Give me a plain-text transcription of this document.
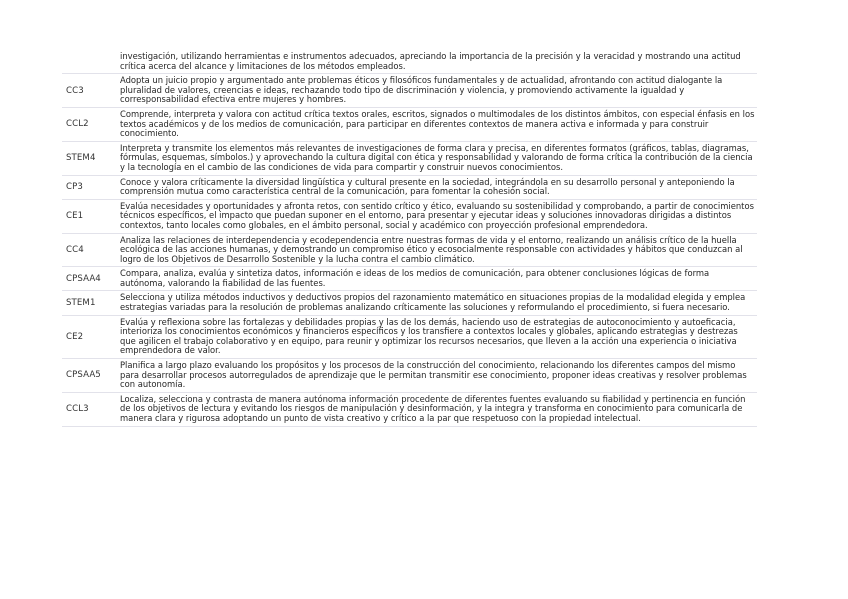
	investigación, utilizando herramientas e instrumentos adecuados, apreciando la importancia de la precisión y la veracidad y mostrando una actitud crítica acerca del alcance y limitaciones de los métodos empleados.
CC3	Adopta un juicio propio y argumentado ante problemas éticos y filosóficos fundamentales y de actualidad, afrontando con actitud dialogante la pluralidad de valores, creencias e ideas, rechazando todo tipo de discriminación y violencia, y promoviendo activamente la igualdad y corresponsabilidad efectiva entre mujeres y hombres.
CCL2	Comprende, interpreta y valora con actitud crítica textos orales, escritos, signados o multimodales de los distintos ámbitos, con especial énfasis en los textos académicos y de los medios de comunicación, para participar en diferentes contextos de manera activa e informada y para construir conocimiento.
STEM4	Interpreta y transmite los elementos más relevantes de investigaciones de forma clara y precisa, en diferentes formatos (gráficos, tablas, diagramas, fórmulas, esquemas, símbolos.) y aprovechando la cultura digital con ética y responsabilidad y valorando de forma crítica la contribución de la ciencia y la tecnología en el cambio de las condiciones de vida para compartir y construir nuevos conocimientos.
CP3	Conoce y valora críticamente la diversidad lingüística y cultural presente en la sociedad, integrándola en su desarrollo personal y anteponiendo la comprensión mutua como característica central de la comunicación, para fomentar la cohesión social.
CE1	Evalúa necesidades y oportunidades y afronta retos, con sentido crítico y ético, evaluando su sostenibilidad y comprobando, a partir de conocimientos técnicos específicos, el impacto que puedan suponer en el entorno, para presentar y ejecutar ideas y soluciones innovadoras dirigidas a distintos contextos, tanto locales como globales, en el ámbito personal, social y académico con proyección profesional emprendedora.
CC4	Analiza las relaciones de interdependencia y ecodependencia entre nuestras formas de vida y el entorno, realizando un análisis crítico de la huella ecológica de las acciones humanas, y demostrando un compromiso ético y ecosocialmente responsable con actividades y hábitos que conduzcan al logro de los Objetivos de Desarrollo Sostenible y la lucha contra el cambio climático.
CPSAA4	Compara, analiza, evalúa y sintetiza datos, información e ideas de los medios de comunicación, para obtener conclusiones lógicas de forma autónoma, valorando la fiabilidad de las fuentes.
STEM1	Selecciona y utiliza métodos inductivos y deductivos propios del razonamiento matemático en situaciones propias de la modalidad elegida y emplea estrategias variadas para la resolución de problemas analizando críticamente las soluciones y reformulando el procedimiento, si fuera necesario.
CE2	Evalúa y reflexiona sobre las fortalezas y debilidades propias y las de los demás, haciendo uso de estrategias de autoconocimiento y autoeficacia, interioriza los conocimientos económicos y financieros específicos y los transfiere a contextos locales y globales, aplicando estrategias y destrezas que agilicen el trabajo colaborativo y en equipo, para reunir y optimizar los recursos necesarios, que lleven a la acción una experiencia o iniciativa emprendedora de valor.
CPSAA5	Planifica a largo plazo evaluando los propósitos y los procesos de la construcción del conocimiento, relacionando los diferentes campos del mismo para desarrollar procesos autorregulados de aprendizaje que le permitan transmitir ese conocimiento, proponer ideas creativas y resolver problemas con autonomía.
CCL3	Localiza, selecciona y contrasta de manera autónoma información procedente de diferentes fuentes evaluando su fiabilidad y pertinencia en función de los objetivos de lectura y evitando los riesgos de manipulación y desinformación, y la integra y transforma en conocimiento para comunicarla de manera clara y rigurosa adoptando un punto de vista creativo y crítico a la par que respetuoso con la propiedad intelectual.
